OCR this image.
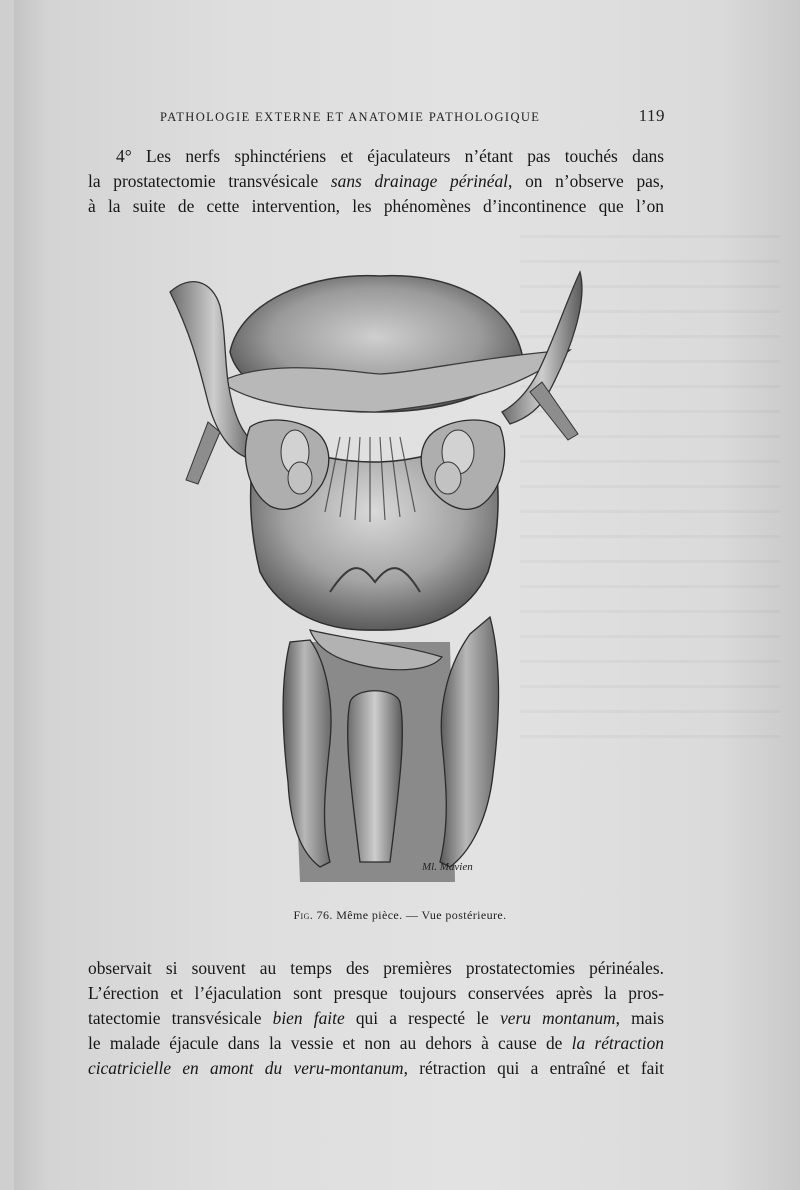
PATHOLOGIE EXTERNE ET ANATOMIE PATHOLOGIQUE	119
4° Les nerfs sphinctériens et éjaculateurs n’étant pas touchés dans
la prostatectomie transvésicale sans drainage périnéal, on n’observe pas,
à la suite de cette intervention, les phénomènes d’incontinence que l’on
Ml. Mavien
Fig. 76. Même pièce. — Vue postérieure.
observait si souvent au temps des premières prostatectomies périnéales.
L’érection et l’éjaculation sont presque toujours conservées après la pros-
tatectomie transvésicale bien faite qui a respecté le veru montanum, mais
le malade éjacule dans la vessie et non au dehors à cause de la rétraction
cicatricielle en amont du veru-montanum, rétraction qui a entraîné et fait
